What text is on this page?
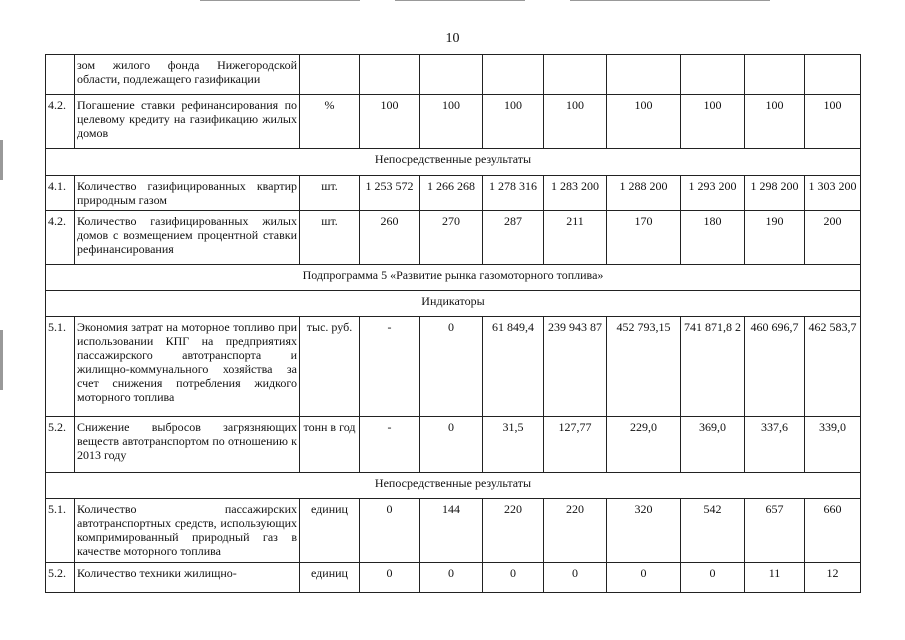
10
	зом жилого фонда Нижегородской области, подлежащего газификации									
4.2.	Погашение ставки рефинансирования по целевому кредиту на газификацию жилых домов	%	100	100	100	100	100	100	100	100
Непосредственные результаты										
4.1.	Количество газифицированных квартир природным газом	шт.	1 253 572	1 266 268	1 278 316	1 283 200	1 288 200	1 293 200	1 298 200	1 303 200
4.2.	Количество газифицированных жилых домов с возмещением процентной ставки рефинансирования	шт.	260	270	287	211	170	180	190	200
Подпрограмма 5 «Развитие рынка газомоторного топлива»										
Индикаторы										
5.1.	Экономия затрат на моторное топливо при использовании КПГ на предприятиях пассажирского автотранспорта и жилищно-коммунального хозяйства за счет снижения потребления жидкого моторного топлива	тыс. руб.	-	0	61 849,4	239 943 87	452 793,15	741 871,8 2	460 696,7	462 583,7
5.2.	Снижение выбросов загрязняющих веществ автотранспортом по отношению к 2013 году	тонн в год	-	0	31,5	127,77	229,0	369,0	337,6	339,0
Непосредственные результаты										
5.1.	Количество пассажирских автотранспортных средств, использующих компримированный природный газ в качестве моторного топлива	единиц	0	144	220	220	320	542	657	660
5.2.	Количество техники жилищно-	единиц	0	0	0	0	0	0	11	12
